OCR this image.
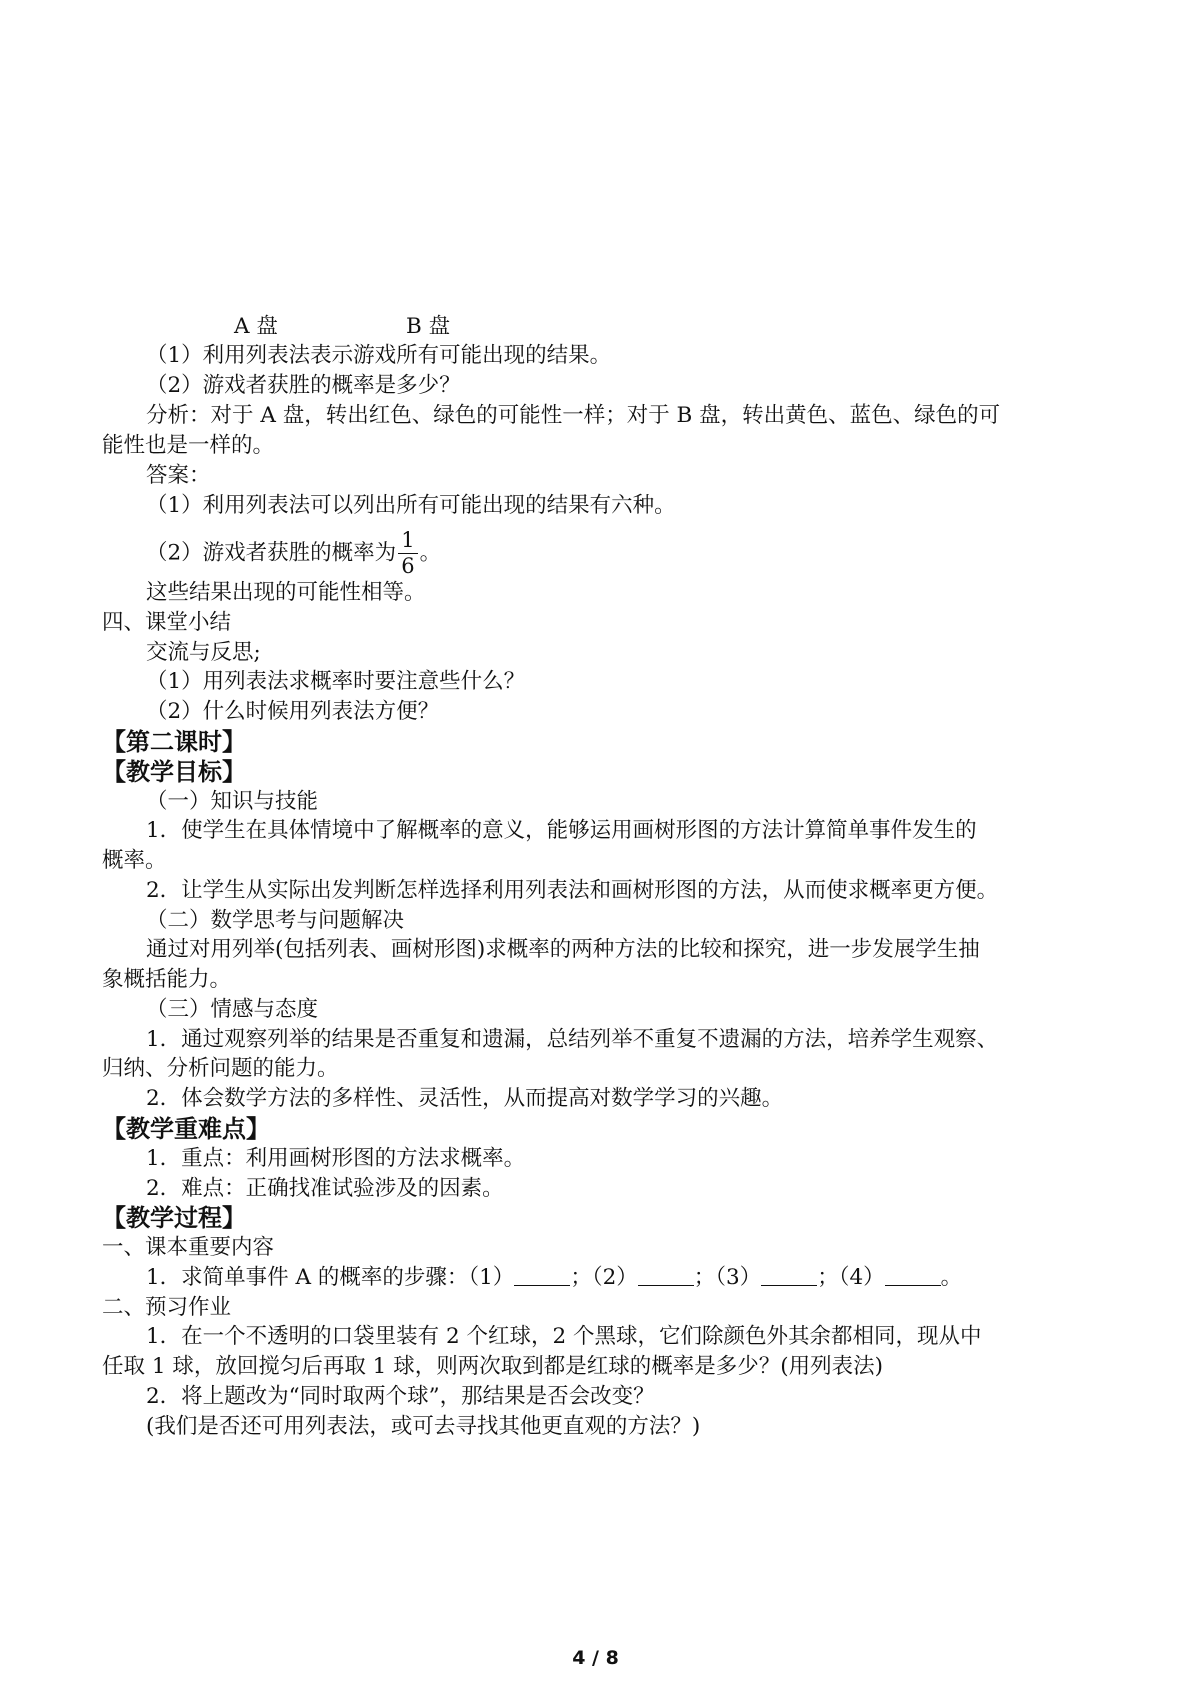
A 盘	B 盘
（1）利用列表法表示游戏所有可能出现的结果。
（2）游戏者获胜的概率是多少？
分析：对于 A 盘，转出红色、绿色的可能性一样；对于 B 盘，转出黄色、蓝色、绿色的可
能性也是一样的。
答案：
（1）利用列表法可以列出所有可能出现的结果有六种。
（2）游戏者获胜的概率为 $\frac{1}{6}$ 。
这些结果出现的可能性相等。
四、课堂小结
交流与反思;
（1）用列表法求概率时要注意些什么？
（2）什么时候用列表法方便？
【第二课时】
【教学目标】
（一）知识与技能
1．使学生在具体情境中了解概率的意义，能够运用画树形图的方法计算简单事件发生的
概率。
2．让学生从实际出发判断怎样选择利用列表法和画树形图的方法，从而使求概率更方便。
（二）数学思考与问题解决
通过对用列举(包括列表、画树形图)求概率的两种方法的比较和探究，进一步发展学生抽
象概括能力。
（三）情感与态度
1．通过观察列举的结果是否重复和遗漏，总结列举不重复不遗漏的方法，培养学生观察、
归纳、分析问题的能力。
2．体会数学方法的多样性、灵活性，从而提高对数学学习的兴趣。
【教学重难点】
1．重点：利用画树形图的方法求概率。
2．难点：正确找准试验涉及的因素。
【教学过程】
一、课本重要内容
1．求简单事件 A 的概率的步骤：（1）	；（2）	；（3）	；（4）	。
二、预习作业
1．在一个不透明的口袋里装有 2 个红球，2 个黑球，它们除颜色外其余都相同，现从中
任取 1 球，放回搅匀后再取 1 球，则两次取到都是红球的概率是多少？(用列表法)
2．将上题改为“同时取两个球”，那结果是否会改变？
(我们是否还可用列表法，或可去寻找其他更直观的方法？)
4 / 8
